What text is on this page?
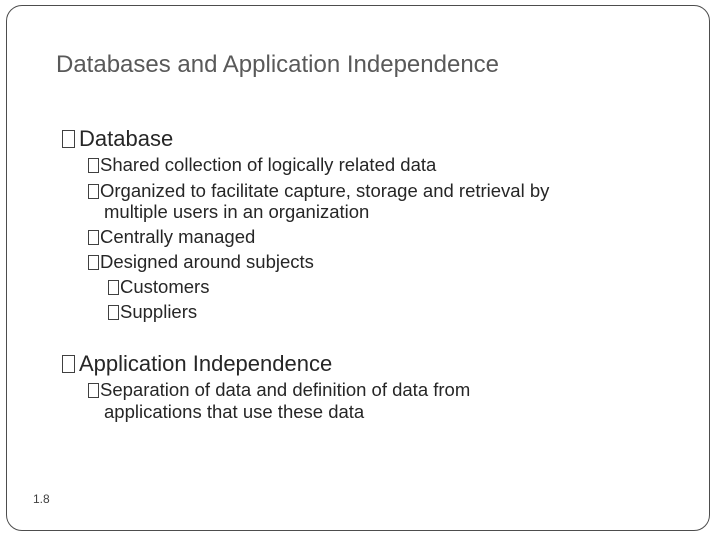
Databases and Application Independence
Database
Shared collection of logically related data
Organized to facilitate capture, storage and retrieval by
multiple users in an organization
Centrally managed
Designed around subjects
Customers
Suppliers
Application Independence
Separation of data and definition of data from
applications that use these data
1.8
